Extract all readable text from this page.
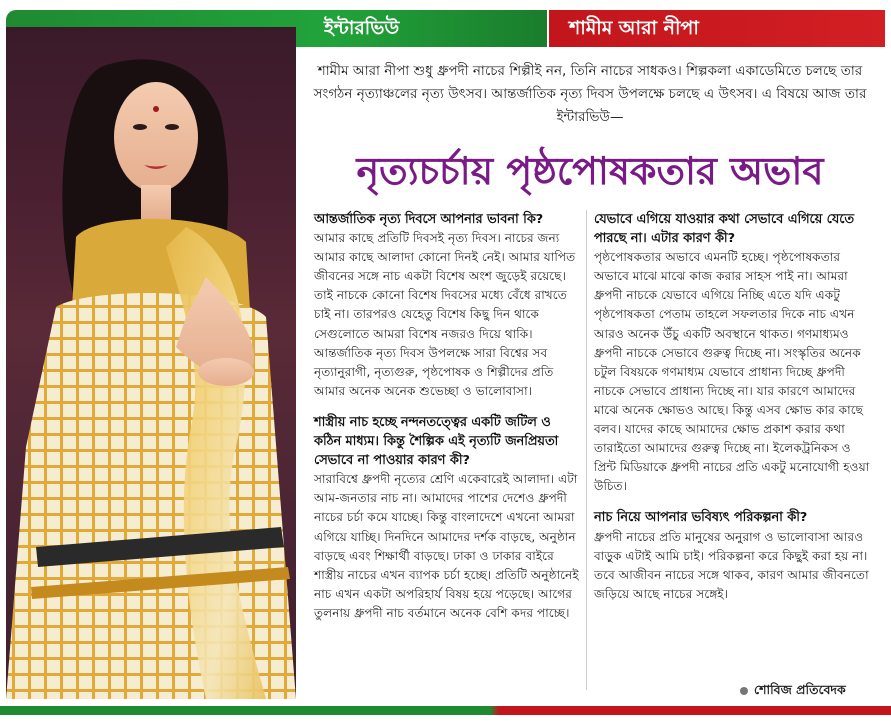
ইন্টারভিউ	শামীম আরা নীপা
শামীম আরা নীপা শুধু ধ্রুপদী নাচের শিল্পীই নন, তিনি নাচের সাধকও। শিল্পকলা একাডেমিতে চলছে তার সংগঠন নৃত্যাঞ্চলের নৃত্য উৎসব। আন্তর্জাতিক নৃত্য দিবস উপলক্ষে চলছে এ উৎসব। এ বিষয়ে আজ তার ইন্টারভিউ—
নৃত্যচর্চায় পৃষ্ঠপোষকতার অভাব
আন্তর্জাতিক নৃত্য দিবসে আপনার ভাবনা কি?
আমার কাছে প্রতিটি দিবসই নৃত্য দিবস। নাচের জন্য আমার কাছে আলাদা কোনো দিনই নেই। আমার যাপিত জীবনের সঙ্গে নাচ একটা বিশেষ অংশ জুড়েই রয়েছে। তাই নাচকে কোনো বিশেষ দিবসের মধ্যে বেঁধে রাখতে চাই না। তারপরও যেহেতু বিশেষ কিছু দিন থাকে সেগুলোতে আমরা বিশেষ নজরও দিয়ে থাকি। আন্তর্জাতিক নৃত্য দিবস উপলক্ষে সারা বিশ্বের সব নৃত্যানুরাগী, নৃত্যগুরু, পৃষ্ঠপোষক ও শিল্পীদের প্রতি আমার অনেক অনেক শুভেচ্ছা ও ভালোবাসা।
শাস্ত্রীয় নাচ হচ্ছে নন্দনতত্ত্বের একটি জটিল ও কঠিন মাধ্যম। কিন্তু শৈল্পিক এই নৃত্যটি জনপ্রিয়তা সেভাবে না পাওয়ার কারণ কী?
সারাবিশ্বে ধ্রুপদী নৃত্যের শ্রেণি একেবারেই আলাদা। এটা আম-জনতার নাচ না। আমাদের পাশের দেশেও ধ্রুপদী নাচের চর্চা কমে যাচ্ছে। কিন্তু বাংলাদেশে এখনো আমরা এগিয়ে যাচ্ছি। দিনদিনে আমাদের দর্শক বাড়ছে, অনুষ্ঠান বাড়ছে এবং শিক্ষার্থী বাড়ছে। ঢাকা ও ঢাকার বাইরে শাস্ত্রীয় নাচের এখন ব্যাপক চর্চা হচ্ছে। প্রতিটি অনুষ্ঠানেই নাচ এখন একটা অপরিহার্য বিষয় হয়ে পড়েছে। আগের তুলনায় ধ্রুপদী নাচ বর্তমানে অনেক বেশি কদর পাচ্ছে।
যেভাবে এগিয়ে যাওয়ার কথা সেভাবে এগিয়ে যেতে পারছে না। এটার কারণ কী?
পৃষ্ঠপোষকতার অভাবে এমনটি হচ্ছে। পৃষ্ঠপোষকতার অভাবে মাঝে মাঝে কাজ করার সাহস পাই না। আমরা ধ্রুপদী নাচকে যেভাবে এগিয়ে নিচ্ছি এতে যদি একটু পৃষ্ঠপোষকতা পেতাম তাহলে সফলতার দিকে নাচ এখন আরও অনেক উঁচু একটি অবস্থানে থাকত। গণমাধ্যমও ধ্রুপদী নাচকে সেভাবে গুরুত্ব দিচ্ছে না। সংস্কৃতির অনেক চটুল বিষয়কে গণমাধ্যম যেভাবে প্রাধান্য দিচ্ছে ধ্রুপদী নাচকে সেভাবে প্রাধান্য দিচ্ছে না। যার কারণে আমাদের মাঝে অনেক ক্ষোভও আছে। কিন্তু এসব ক্ষোভ কার কাছে বলব। যাদের কাছে আমাদের ক্ষোভ প্রকাশ করার কথা তারাইতো আমাদের গুরুত্ব দিচ্ছে না। ইলেকট্রনিকস ও প্রিন্ট মিডিয়াকে ধ্রুপদী নাচের প্রতি একটু মনোযোগী হওয়া উচিত।
নাচ নিয়ে আপনার ভবিষ্যৎ পরিকল্পনা কী?
ধ্রুপদী নাচের প্রতি মানুষের অনুরাগ ও ভালোবাসা আরও বাড়ুক এটাই আমি চাই। পরিকল্পনা করে কিছুই করা হয় না। তবে আজীবন নাচের সঙ্গে থাকব, কারণ আমার জীবনতো জড়িয়ে আছে নাচের সঙ্গেই।
শোবিজ প্রতিবেদক
